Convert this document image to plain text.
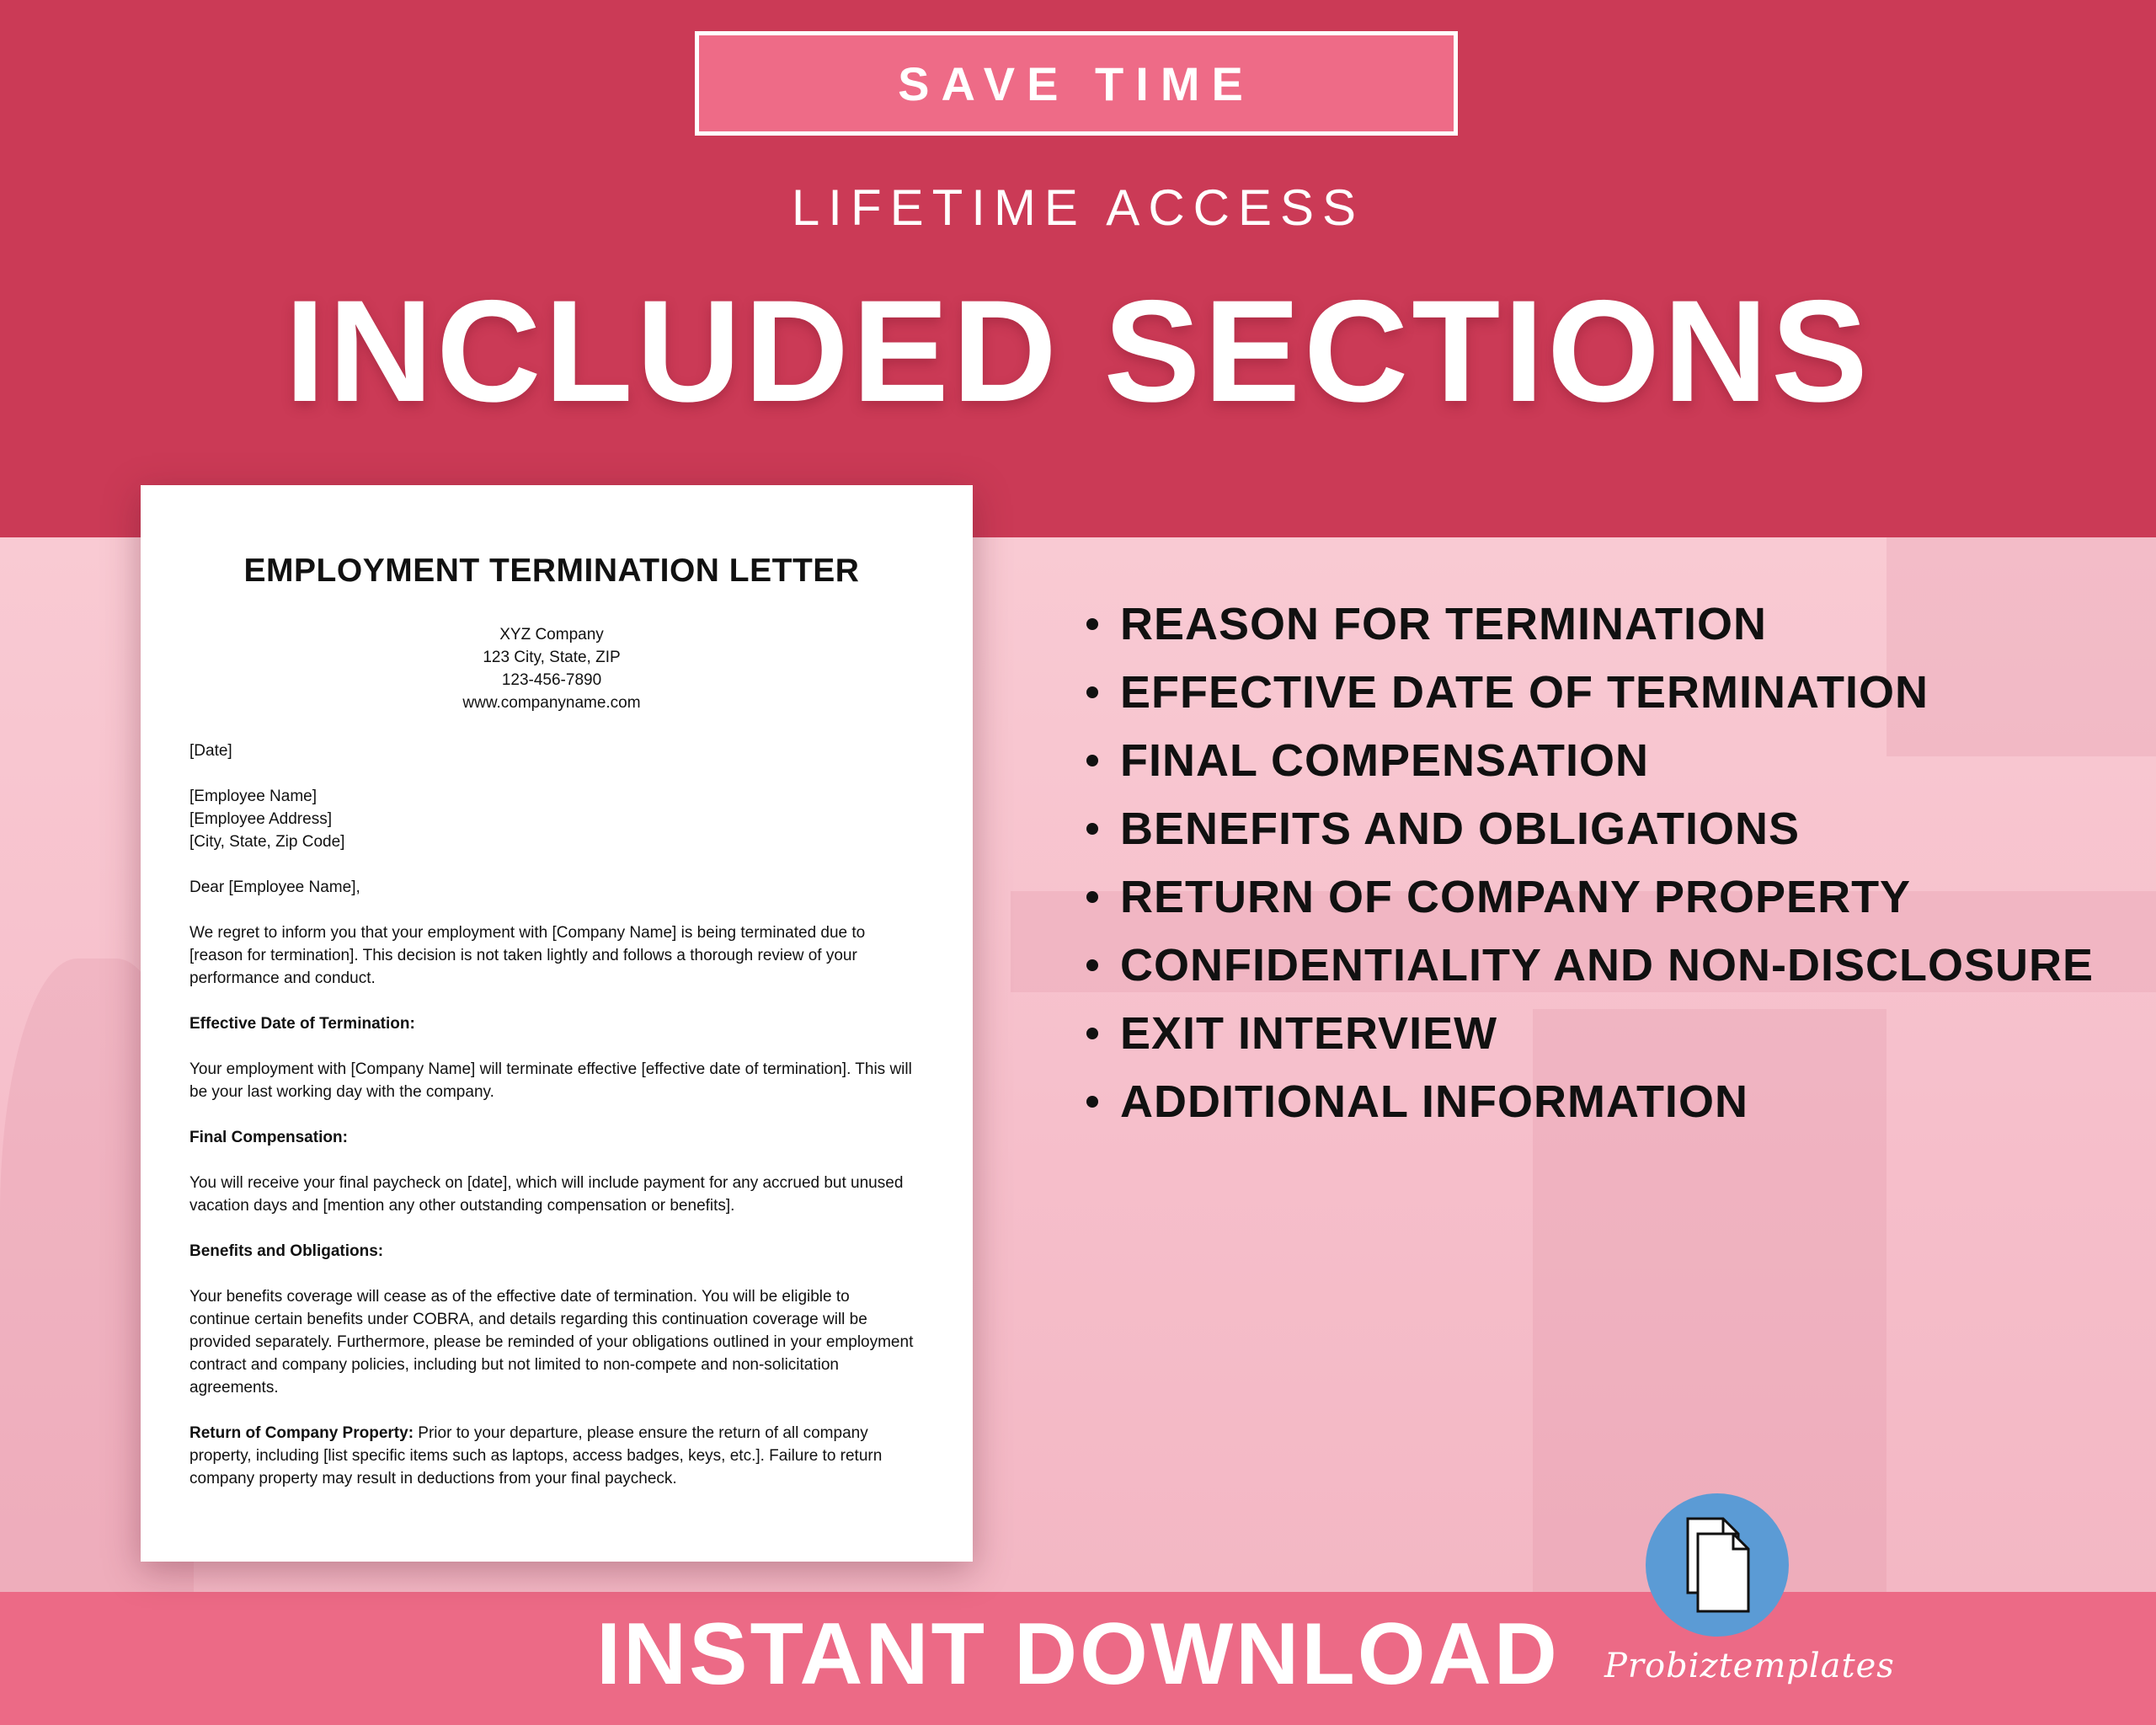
SAVE TIME
LIFETIME ACCESS
INCLUDED SECTIONS
EMPLOYMENT TERMINATION LETTER
XYZ Company
123 City, State, ZIP
123-456-7890
www.companyname.com

[Date]

[Employee Name]
[Employee Address]
[City, State, Zip Code]

Dear [Employee Name],

We regret to inform you that your employment with [Company Name] is being terminated due to [reason for termination]. This decision is not taken lightly and follows a thorough review of your performance and conduct.

Effective Date of Termination:

Your employment with [Company Name] will terminate effective [effective date of termination]. This will be your last working day with the company.

Final Compensation:

You will receive your final paycheck on [date], which will include payment for any accrued but unused vacation days and [mention any other outstanding compensation or benefits].

Benefits and Obligations:

Your benefits coverage will cease as of the effective date of termination. You will be eligible to continue certain benefits under COBRA, and details regarding this continuation coverage will be provided separately. Furthermore, please be reminded of your obligations outlined in your employment contract and company policies, including but not limited to non-compete and non-solicitation agreements.

Return of Company Property: Prior to your departure, please ensure the return of all company property, including [list specific items such as laptops, access badges, keys, etc.]. Failure to return company property may result in deductions from your final paycheck.

REASON FOR TERMINATION
EFFECTIVE DATE OF TERMINATION
FINAL COMPENSATION
BENEFITS AND OBLIGATIONS
RETURN OF COMPANY PROPERTY
CONFIDENTIALITY AND NON-DISCLOSURE
EXIT INTERVIEW
ADDITIONAL INFORMATION
INSTANT DOWNLOAD Probiztemplates
